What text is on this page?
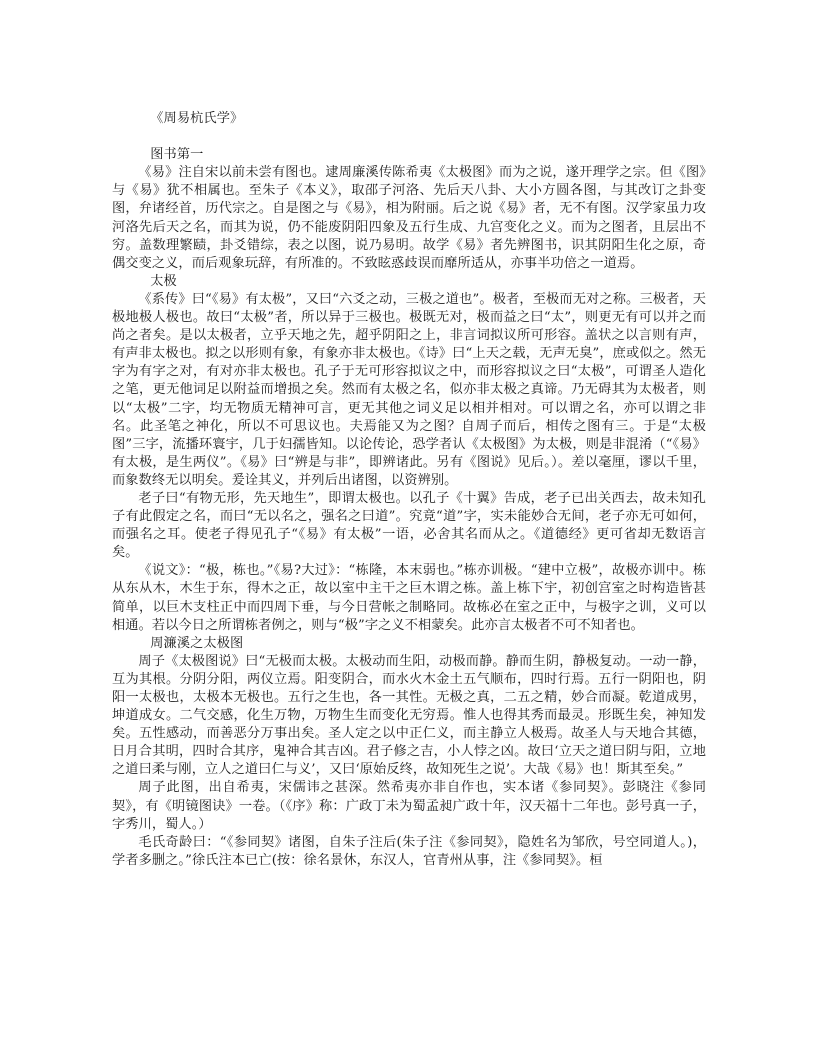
《周易杭氏学》
图书第一
《易》注自宋以前未尝有图也。逮周廉溪传陈希夷《太极图》而为之说，遂开理学之宗。但《图》与《易》犹不相属也。至朱子《本义》，取邵子河洛、先后天八卦、大小方圆各图，与其改订之卦变图，弁诸经首，历代宗之。自是图之与《易》，相为附丽。后之说《易》者，无不有图。汉学家虽力攻河洛先后天之名，而其为说，仍不能废阴阳四象及五行生成、九宫变化之义。而为之图者，且层出不穷。盖数理繁赜，卦爻错综，表之以图，说乃易明。故学《易》者先辨图书，识其阴阳生化之原，奇偶交变之义，而后观象玩辞，有所准的。不致眩惑歧误而靡所适从，亦事半功倍之一道焉。
太极
《系传》曰“《易》有太极”，又曰“六爻之动，三极之道也”。极者，至极而无对之称。三极者，天极地极人极也。故曰“太极”者，所以异于三极也。极既无对，极而益之曰“太”，则更无有可以并之而尚之者矣。是以太极者，立乎天地之先，超乎阴阳之上，非言词拟议所可形容。盖状之以言则有声，有声非太极也。拟之以形则有象，有象亦非太极也。《诗》曰“上天之载，无声无臭”，庶或似之。然无字为有字之对，有对亦非太极也。孔子于无可形容拟议之中，而形容拟议之曰“太极”，可谓圣人造化之笔，更无他词足以附益而增损之矣。然而有太极之名，似亦非太极之真谛。乃无碍其为太极者，则以“太极”二字，均无物质无精神可言，更无其他之词义足以相并相对。可以谓之名，亦可以谓之非名。此圣笔之神化，所以不可思议也。夫焉能又为之图？自周子而后，相传之图有三。于是“太极图”三字，流播环寰宇，几于妇孺皆知。以论传论，恐学者认《太极图》为太极，则是非混淆（“《易》有太极，是生两仪”。《易》曰“辨是与非”，即辨诸此。另有《图说》见后。）。差以毫厘，谬以千里，而象数终无以明矣。爰诠其义，并列后出诸图，以资辨别。
老子曰“有物无形，先天地生”，即谓太极也。以孔子《十翼》告成，老子已出关西去，故未知孔子有此假定之名，而曰“无以名之，强名之曰道”。究竟“道”字，实未能妙合无间，老子亦无可如何，而强名之耳。使老子得见孔子“《易》有太极”一语，必舍其名而从之。《道德经》更可省却无数语言矣。
《说文》：“极，栋也。”《易?大过》：“栋隆，本末弱也。”栋亦训极。“建中立极”，故极亦训中。栋从东从木，木生于东，得木之正，故以室中主干之巨木谓之栋。盖上栋下宇，初创宫室之时构造皆甚简单，以巨木支柱正中而四周下垂，与今日营帐之制略同。故栋必在室之正中，与极字之训，义可以相通。若以今日之所谓栋者例之，则与“极”字之义不相蒙矣。此亦言太极者不可不知者也。
周濂溪之太极图
周子《太极图说》曰“无极而太极。太极动而生阳，动极而静。静而生阴，静极复动。一动一静，互为其根。分阴分阳，两仪立焉。阳变阴合，而水火木金土五气顺布，四时行焉。五行一阴阳也，阴阳一太极也，太极本无极也。五行之生也，各一其性。无极之真，二五之精，妙合而凝。乾道成男，坤道成女。二气交感，化生万物，万物生生而变化无穷焉。惟人也得其秀而最灵。形既生矣，神知发矣。五性感动，而善恶分万事出矣。圣人定之以中正仁义，而主静立人极焉。故圣人与天地合其德，日月合其明，四时合其序，鬼神合其吉凶。君子修之吉，小人悖之凶。故曰‘立天之道曰阴与阳，立地之道曰柔与刚，立人之道曰仁与义’，又曰‘原始反终，故知死生之说’。大哉《易》也！斯其至矣。”
周子此图，出自希夷，宋儒讳之甚深。然希夷亦非自作也，实本诸《参同契》。彭晓注《参同契》，有《明镜图诀》一卷。（《序》称：广政丁未为蜀孟昶广政十年，汉天福十二年也。彭号真一子，字秀川，蜀人。）
毛氏奇龄曰：“《参同契》诸图，自朱子注后(朱子注《参同契》，隐姓名为邹欣，号空同道人。)，学者多删之。”徐氏注本已亡(按：徐名景休，东汉人，官青州从事，注《参同契》。桓
